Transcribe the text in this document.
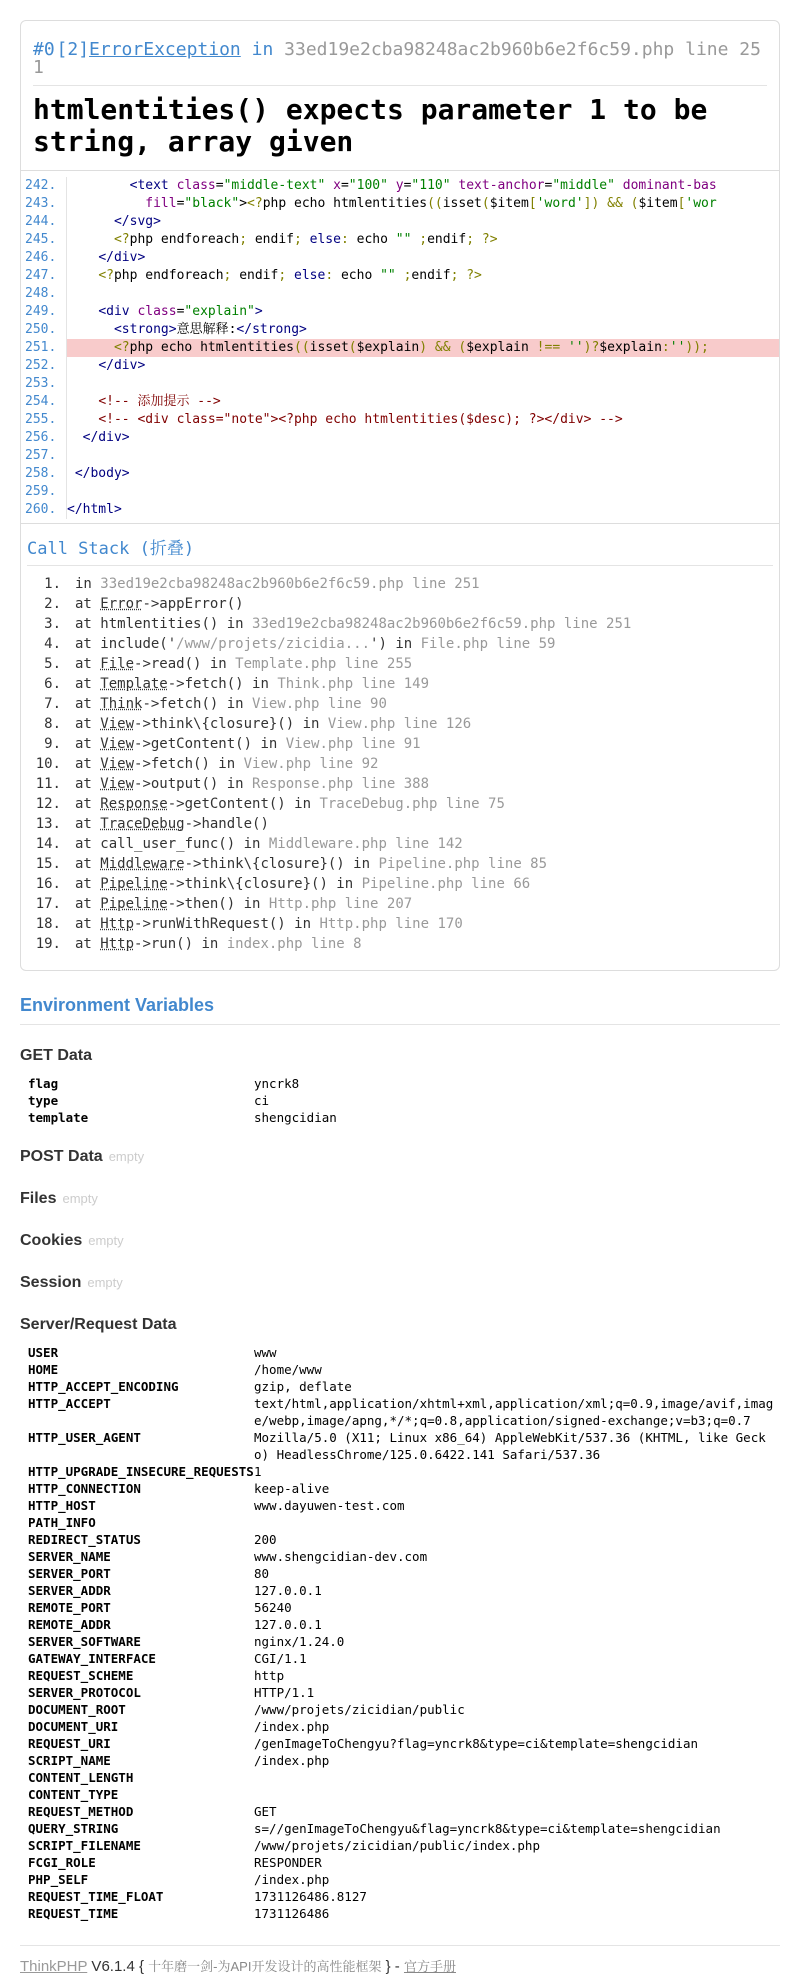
#0 [2]ErrorException in 33ed19e2cba98248ac2b960b6e2f6c59.php line 251
htmlentities() expects parameter 1 to be string, array given
242.	<text class="middle-text" x="100" y="110" text-anchor="middle" dominant-bas
243.	fill="black"><?php echo htmlentities((isset($item['word']) && ($item['wor
244.	</svg>
245.	<?php endforeach; endif; else: echo "" ;endif; ?>
246.	</div>
247.	<?php endforeach; endif; else: echo "" ;endif; ?>
248.
249.	<div class="explain">
250.	<strong>意思解释:</strong>
251.	<?php echo htmlentities((isset($explain) && ($explain !== '')?$explain:''));
252.	</div>
253.
254.	<!-- 添加提示 -->
255.	<!-- <div class="note"><?php echo htmlentities($desc); ?></div> -->
256.	</div>
257.
258. </body>
259.
260. </html>
Call Stack (折叠)
1.	in 33ed19e2cba98248ac2b960b6e2f6c59.php line 251
2.	at Error ->appError()
3.	at htmlentities() in 33ed19e2cba98248ac2b960b6e2f6c59.php line 251
4.	at include(' /www/projets/zicidia... ') in File.php line 59
5.	at File ->read() in Template.php line 255
6.	at Template ->fetch() in Think.php line 149
7.	at Think ->fetch() in View.php line 90
8.	at View ->think\{closure}() in View.php line 126
9.	at View ->getContent() in View.php line 91
10.	at View ->fetch() in View.php line 92
11.	at View ->output() in Response.php line 388
12.	at Response ->getContent() in TraceDebug.php line 75
13.	at TraceDebug ->handle()
14.	at call_user_func() in Middleware.php line 142
15.	at Middleware ->think\{closure}() in Pipeline.php line 85
16.	at Pipeline ->think\{closure}() in Pipeline.php line 66
17.	at Pipeline ->then() in Http.php line 207
18.	at Http ->runWithRequest() in Http.php line 170
19.	at Http ->run() in index.php line 8
Environment Variables
GET Data
flag	yncrk8
type	ci
template	shengcidian
POST Data empty
Files empty
Cookies empty
Session empty
Server/Request Data
USER	www
HOME	/home/www
HTTP_ACCEPT_ENCODING	gzip, deflate
HTTP_ACCEPT	text/html,application/xhtml+xml,application/xml;q=0.9,image/avif,image/webp,image/apng,*/*;q=0.8,application/signed-exchange;v=b3;q=0.7
HTTP_USER_AGENT	Mozilla/5.0 (X11; Linux x86_64) AppleWebKit/537.36 (KHTML, like Gecko) HeadlessChrome/125.0.6422.141 Safari/537.36
HTTP_UPGRADE_INSECURE_REQUESTS 1
HTTP_CONNECTION	keep-alive
HTTP_HOST	www.dayuwen-test.com
PATH_INFO
REDIRECT_STATUS	200
SERVER_NAME	www.shengcidian-dev.com
SERVER_PORT	80
SERVER_ADDR	127.0.0.1
REMOTE_PORT	56240
REMOTE_ADDR	127.0.0.1
SERVER_SOFTWARE	nginx/1.24.0
GATEWAY_INTERFACE	CGI/1.1
REQUEST_SCHEME	http
SERVER_PROTOCOL	HTTP/1.1
DOCUMENT_ROOT	/www/projets/zicidian/public
DOCUMENT_URI	/index.php
REQUEST_URI	/genImageToChengyu?flag=yncrk8&type=ci&template=shengcidian
SCRIPT_NAME	/index.php
CONTENT_LENGTH
CONTENT_TYPE
REQUEST_METHOD	GET
QUERY_STRING	s=//genImageToChengyu&flag=yncrk8&type=ci&template=shengcidian
SCRIPT_FILENAME	/www/projets/zicidian/public/index.php
FCGI_ROLE	RESPONDER
PHP_SELF	/index.php
REQUEST_TIME_FLOAT	1731126486.8127
REQUEST_TIME	1731126486
ThinkPHP V6.1.4 { 十年磨一剑-为API开发设计的高性能框架 } - 官方手册
